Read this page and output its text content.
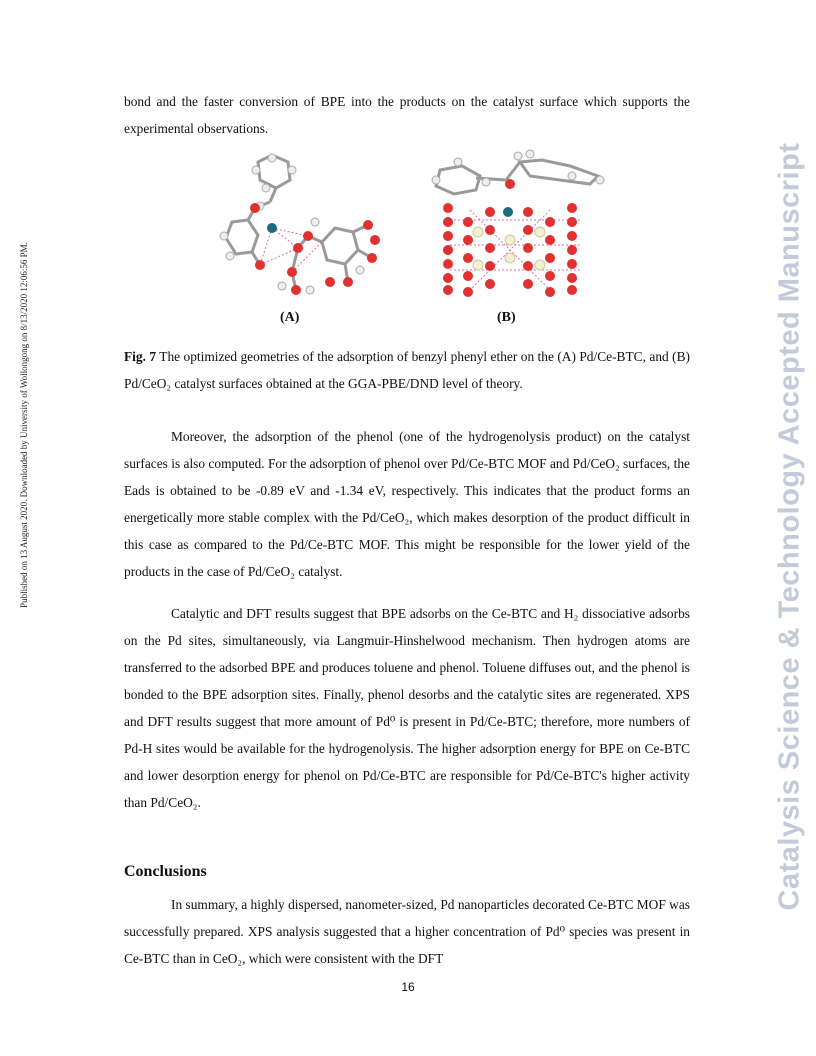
Published on 13 August 2020. Downloaded by University of Wollongong on 8/13/2020 12:06:56 PM.	Catalysis Science & Technology Accepted Manuscript
bond and the faster conversion of BPE into the products on the catalyst surface which supports the experimental observations.
(A)	(B)
Fig. 7 The optimized geometries of the adsorption of benzyl phenyl ether on the (A) Pd/Ce-BTC, and (B) Pd/CeO₂ catalyst surfaces obtained at the GGA-PBE/DND level of theory.
Moreover, the adsorption of the phenol (one of the hydrogenolysis product) on the catalyst surfaces is also computed. For the adsorption of phenol over Pd/Ce-BTC MOF and Pd/CeO₂ surfaces, the Eads is obtained to be -0.89 eV and -1.34 eV, respectively. This indicates that the product forms an energetically more stable complex with the Pd/CeO₂, which makes desorption of the product difficult in this case as compared to the Pd/Ce-BTC MOF. This might be responsible for the lower yield of the products in the case of Pd/CeO₂ catalyst.
Catalytic and DFT results suggest that BPE adsorbs on the Ce-BTC and H₂ dissociative adsorbs on the Pd sites, simultaneously, via Langmuir-Hinshelwood mechanism. Then hydrogen atoms are transferred to the adsorbed BPE and produces toluene and phenol. Toluene diffuses out, and the phenol is bonded to the BPE adsorption sites. Finally, phenol desorbs and the catalytic sites are regenerated. XPS and DFT results suggest that more amount of Pd⁰ is present in Pd/Ce-BTC; therefore, more numbers of Pd-H sites would be available for the hydrogenolysis. The higher adsorption energy for BPE on Ce-BTC and lower desorption energy for phenol on Pd/Ce-BTC are responsible for Pd/Ce-BTC's higher activity than Pd/CeO₂.
Conclusions
In summary, a highly dispersed, nanometer-sized, Pd nanoparticles decorated Ce-BTC MOF was successfully prepared. XPS analysis suggested that a higher concentration of Pd⁰ species was present in Ce-BTC than in CeO₂, which were consistent with the DFT
16
